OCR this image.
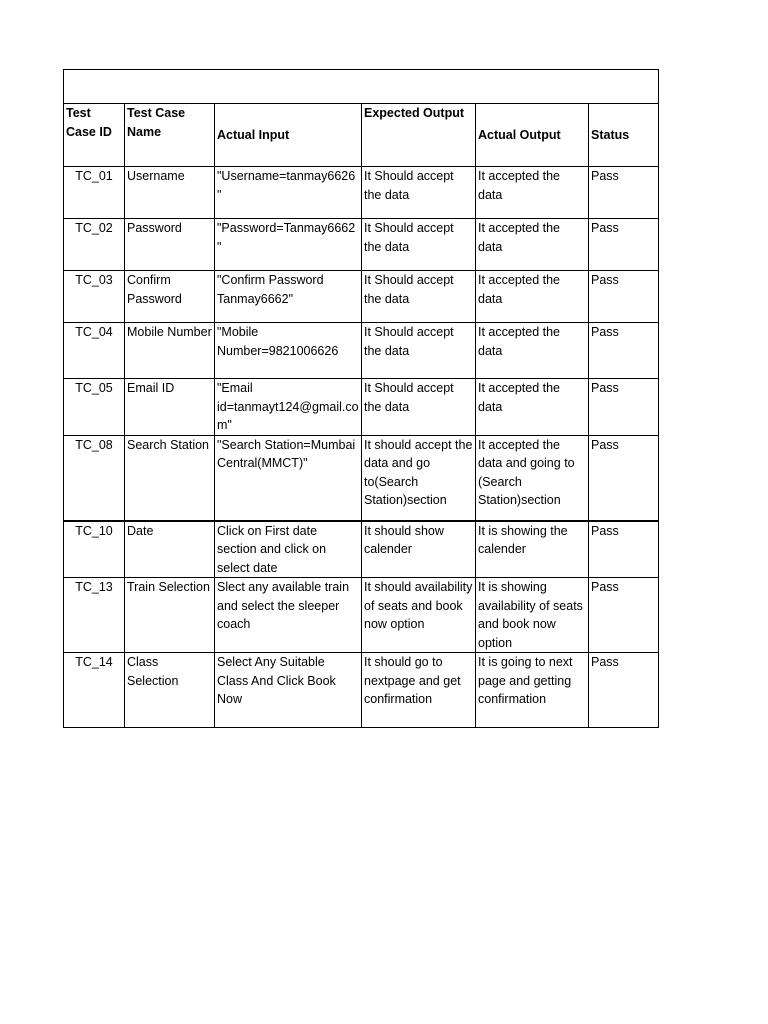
Test Case ID	Test Case Name	Actual Input	Expected Output	Actual Output	Status
TC_01	Username	"Username=tanmay6626 "	It Should accept the data	It accepted the data	Pass
TC_02	Password	"Password=Tanmay6662 "	It Should accept the data	It accepted the data	Pass
TC_03	Confirm Password	"Confirm Password Tanmay6662"	It Should accept the data	It accepted the data	Pass
TC_04	Mobile Number	"Mobile Number=9821006626	It Should accept the data	It accepted the data	Pass
TC_05	Email ID	"Email id=tanmayt124@gmail.com"	It Should accept the data	It accepted the data	Pass
TC_08	Search Station	"Search Station=Mumbai Central(MMCT)"	It should accept the data and go to(Search Station)section	It accepted the data and going to (Search Station)section	Pass
TC_10	Date	Click on First date section and click on select date	It should show calender	It is showing the calender	Pass
TC_13	Train Selection	Slect any available train and select the sleeper coach	It should availability of seats and book now option	It is showing availability of seats and book now option	Pass
TC_14	Class Selection	Select Any Suitable Class And Click Book Now	It should go to nextpage and get confirmation	It is going to next page and getting confirmation	Pass
